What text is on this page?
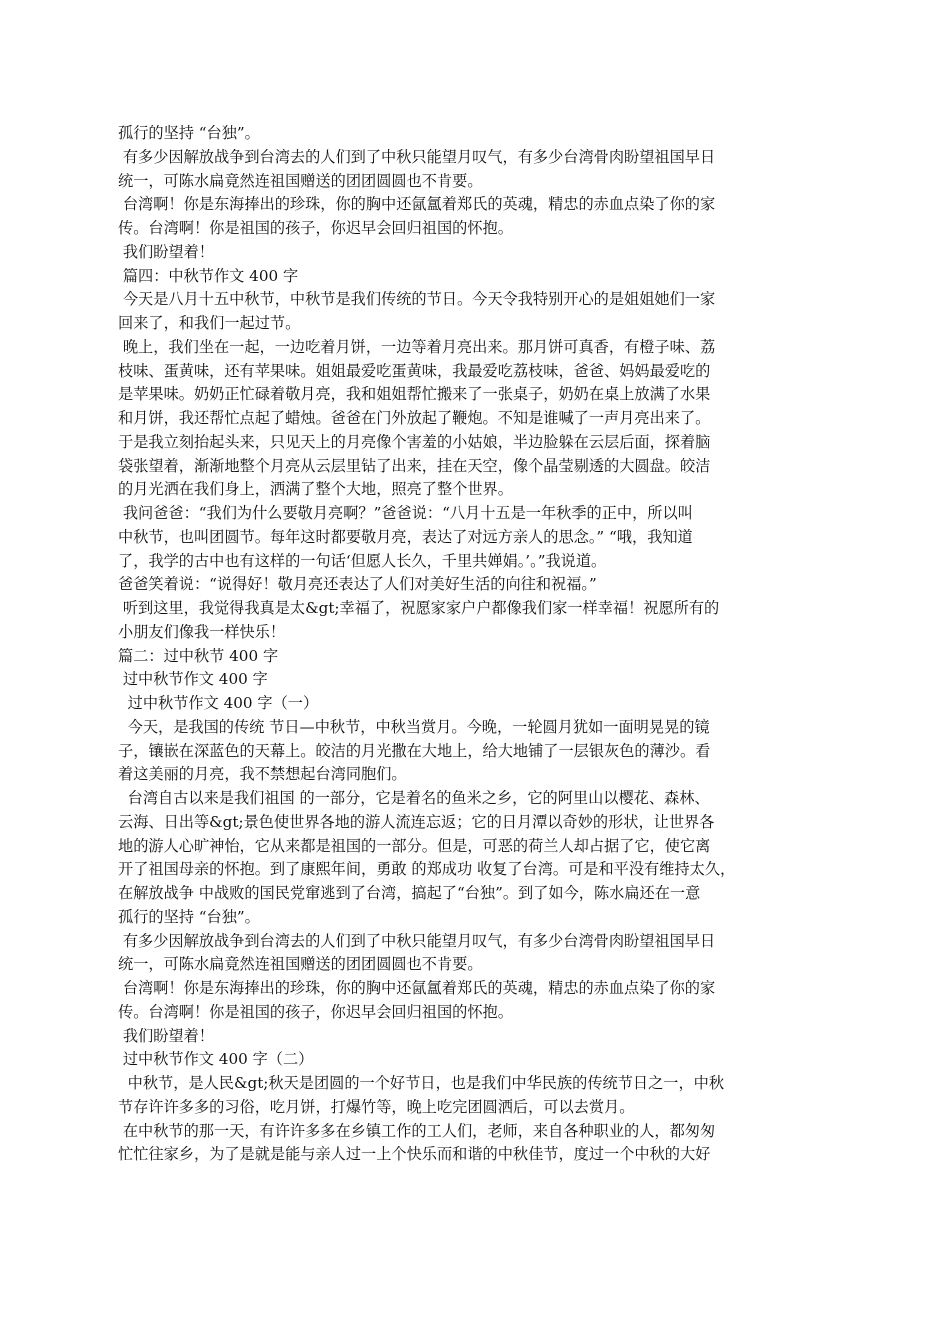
孤行的坚持 “台独”。
有多少因解放战争到台湾去的人们到了中秋只能望月叹气，有多少台湾骨肉盼望祖国早日
统一，可陈水扁竟然连祖国赠送的团团圆圆也不肯要。
台湾啊！你是东海捧出的珍珠，你的胸中还氤氲着郑氏的英魂，精忠的赤血点染了你的家
传。台湾啊！你是祖国的孩子，你迟早会回归祖国的怀抱。
我们盼望着！
篇四：中秋节作文 400 字
今天是八月十五中秋节，中秋节是我们传统的节日。今天令我特别开心的是姐姐她们一家
回来了，和我们一起过节。
晚上，我们坐在一起，一边吃着月饼，一边等着月亮出来。那月饼可真香，有橙子味、荔
枝味、蛋黄味，还有苹果味。姐姐最爱吃蛋黄味，我最爱吃荔枝味，爸爸、妈妈最爱吃的
是苹果味。奶奶正忙碌着敬月亮，我和姐姐帮忙搬来了一张桌子，奶奶在桌上放满了水果
和月饼，我还帮忙点起了蜡烛。爸爸在门外放起了鞭炮。不知是谁喊了一声月亮出来了。
于是我立刻抬起头来，只见天上的月亮像个害羞的小姑娘，半边脸躲在云层后面，探着脑
袋张望着，渐渐地整个月亮从云层里钻了出来，挂在天空，像个晶莹剔透的大圆盘。皎洁
的月光洒在我们身上，洒满了整个大地，照亮了整个世界。
我问爸爸：“我们为什么要敬月亮啊？”爸爸说：“八月十五是一年秋季的正中，所以叫
中秋节，也叫团圆节。每年这时都要敬月亮，表达了对远方亲人的思念。” “哦，我知道
了，我学的古中也有这样的一句话‘但愿人长久，千里共婵娟。’。”我说道。
爸爸笑着说：“说得好！敬月亮还表达了人们对美好生活的向往和祝福。”
听到这里，我觉得我真是太&gt;幸福了，祝愿家家户户都像我们家一样幸福！祝愿所有的
小朋友们像我一样快乐！
篇二：过中秋节 400 字
过中秋节作文 400 字
过中秋节作文 400 字（一）
今天，是我国的传统 节日—中秋节，中秋当赏月。今晚，一轮圆月犹如一面明晃晃的镜
子，镶嵌在深蓝色的天幕上。皎洁的月光撒在大地上，给大地铺了一层银灰色的薄沙。看
着这美丽的月亮，我不禁想起台湾同胞们。
台湾自古以来是我们祖国 的一部分，它是着名的鱼米之乡，它的阿里山以樱花、森林、
云海、日出等&gt;景色使世界各地的游人流连忘返；它的日月潭以奇妙的形状，让世界各
地的游人心旷神怡，它从来都是祖国的一部分。但是，可恶的荷兰人却占据了它，使它离
开了祖国母亲的怀抱。到了康熙年间，勇敢 的郑成功 收复了台湾。可是和平没有维持太久，
在解放战争 中战败的国民党窜逃到了台湾，搞起了“台独”。到了如今，陈水扁还在一意
孤行的坚持 “台独”。
有多少因解放战争到台湾去的人们到了中秋只能望月叹气，有多少台湾骨肉盼望祖国早日
统一，可陈水扁竟然连祖国赠送的团团圆圆也不肯要。
台湾啊！你是东海捧出的珍珠，你的胸中还氤氲着郑氏的英魂，精忠的赤血点染了你的家
传。台湾啊！你是祖国的孩子，你迟早会回归祖国的怀抱。
我们盼望着！
过中秋节作文 400 字（二）
中秋节，是人民&gt;秋天是团圆的一个好节日，也是我们中华民族的传统节日之一，中秋
节存许许多多的习俗，吃月饼，打爆竹等，晚上吃完团圆洒后，可以去赏月。
在中秋节的那一天，有许许多多在乡镇工作的工人们，老师，来自各种职业的人，都匆匆
忙忙往家乡，为了是就是能与亲人过一上个快乐而和谐的中秋佳节，度过一个中秋的大好
